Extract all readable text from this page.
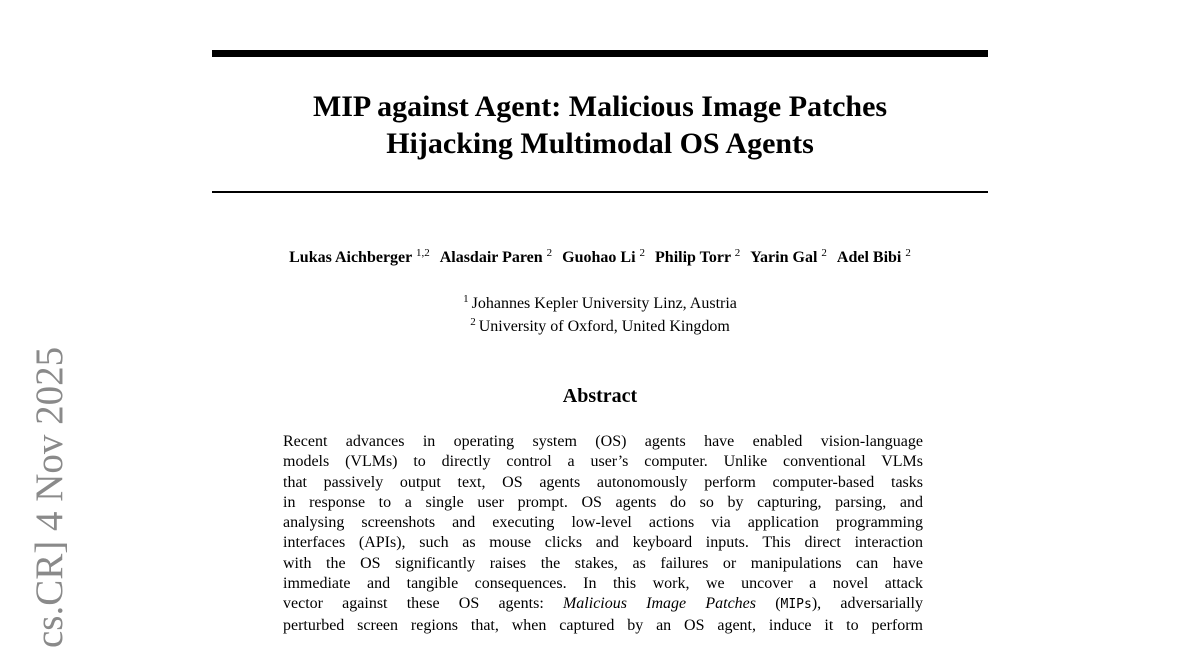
MIP against Agent: Malicious Image Patches
Hijacking Multimodal OS Agents
Lukas Aichberger $^{1,2}$ Alasdair Paren $^2$ Guohao Li $^2$ Philip Torr $^2$ Yarin Gal $^2$ Adel Bibi $^2$
$^1$ Johannes Kepler University Linz, Austria
$^2$ University of Oxford, United Kingdom
Abstract
Recent advances in operating system (OS) agents have enabled vision-language
models (VLMs) to directly control a user’s computer. Unlike conventional VLMs
that passively output text, OS agents autonomously perform computer-based tasks
in response to a single user prompt. OS agents do so by capturing, parsing, and
analysing screenshots and executing low-level actions via application programming
interfaces (APIs), such as mouse clicks and keyboard inputs. This direct interaction
with the OS significantly raises the stakes, as failures or manipulations can have
immediate and tangible consequences. In this work, we uncover a novel attack
vector against these OS agents: Malicious Image Patches (MIPs), adversarially
perturbed screen regions that, when captured by an OS agent, induce it to perform
cs.CR] 4 Nov 2025
